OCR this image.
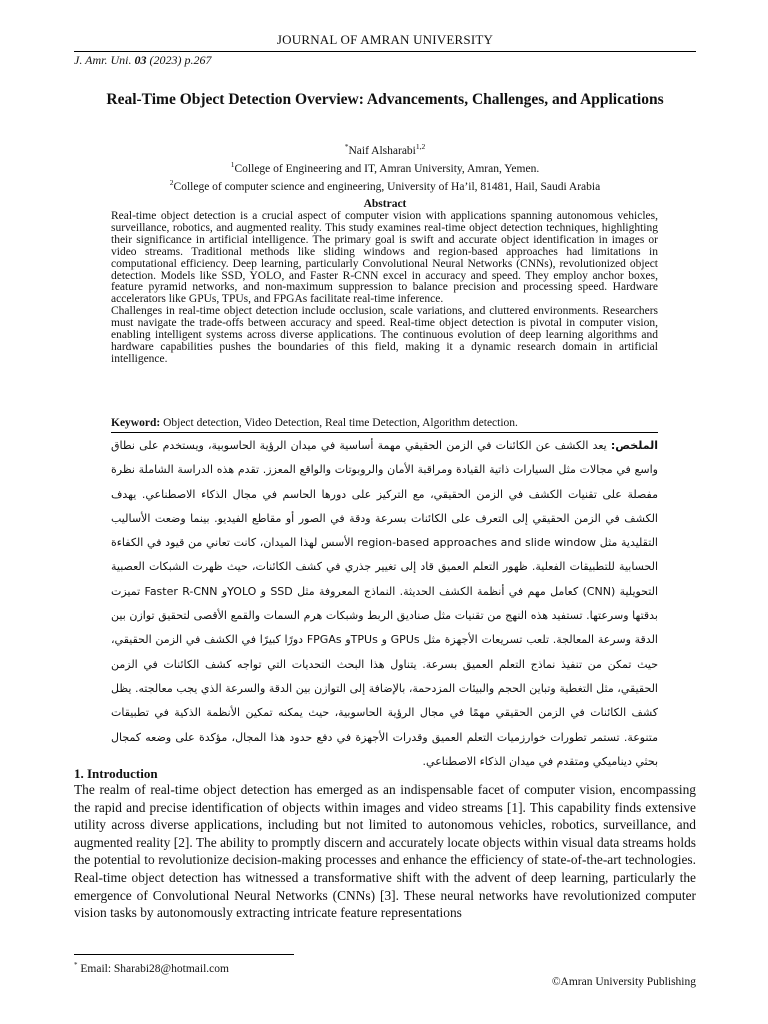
JOURNAL OF AMRAN UNIVERSITY
J. Amr. Uni. 03 (2023) p.267
Real-Time Object Detection Overview: Advancements, Challenges, and Applications
*Naif Alsharabi$^{1,2}$
$^1$College of Engineering and IT, Amran University, Amran, Yemen.
$^2$College of computer science and engineering, University of Ha’il, 81481, Hail, Saudi Arabia
Abstract

Real-time object detection is a crucial aspect of computer vision with applications spanning autonomous vehicles, surveillance, robotics, and augmented reality. This study examines real-time object detection techniques, highlighting their significance in artificial intelligence. The primary goal is swift and accurate object identification in images or video streams. Traditional methods like sliding windows and region-based approaches had limitations in computational efficiency. Deep learning, particularly Convolutional Neural Networks (CNNs), revolutionized object detection. Models like SSD, YOLO, and Faster R-CNN excel in accuracy and speed. They employ anchor boxes, feature pyramid networks, and non-maximum suppression to balance precision and processing speed. Hardware accelerators like GPUs, TPUs, and FPGAs facilitate real-time inference.

Challenges in real-time object detection include occlusion, scale variations, and cluttered environments. Researchers must navigate the trade-offs between accuracy and speed. Real-time object detection is pivotal in computer vision, enabling intelligent systems across diverse applications. The continuous evolution of deep learning algorithms and hardware capabilities pushes the boundaries of this field, making it a dynamic research domain in artificial intelligence.

Keyword: Object detection, Video Detection, Real time Detection, Algorithm detection.
الملخص: يعد الكشف عن الكائنات في الزمن الحقيقي مهمة أساسية في ميدان الرؤية الحاسوبية، ويستخدم على نطاق واسع في مجالات مثل السيارات ذاتية القيادة ومراقبة الأمان والروبوتات والواقع المعزز. تقدم هذه الدراسة الشاملة نظرة مفصلة على تقنيات الكشف في الزمن الحقيقي، مع التركيز على دورها الحاسم في مجال الذكاء الاصطناعي. يهدف الكشف في الزمن الحقيقي إلى التعرف على الكائنات بسرعة ودقة في الصور أو مقاطع الفيديو. بينما وضعت الأساليب التقليدية مثل region-based approaches and slide window الأسس لهذا الميدان، كانت تعاني من قيود في الكفاءة الحسابية للتطبيقات الفعلية. ظهور التعلم العميق قاد إلى تغيير جذري في كشف الكائنات، حيث ظهرت الشبكات العصبية التحويلية (CNN) كعامل مهم في أنظمة الكشف الحديثة. النماذج المعروفة مثل SSD و YOLOو Faster R-CNN تميزت بدقتها وسرعتها. تستفيد هذه النهج من تقنيات مثل صناديق الربط وشبكات هرم السمات والقمع الأقصى لتحقيق توازن بين الدقة وسرعة المعالجة. تلعب تسريعات الأجهزة مثل GPUs و TPUsو FPGAs دورًا كبيرًا في الكشف في الزمن الحقيقي، حيث تمكن من تنفيذ نماذج التعلم العميق بسرعة. يتناول هذا البحث التحديات التي تواجه كشف الكائنات في الزمن الحقيقي، مثل التغطية وتباين الحجم والبيئات المزدحمة، بالإضافة إلى التوازن بين الدقة والسرعة الذي يجب معالجته. يظل كشف الكائنات في الزمن الحقيقي مهمًا في مجال الرؤية الحاسوبية، حيث يمكنه تمكين الأنظمة الذكية في تطبيقات متنوعة. تستمر تطورات خوارزميات التعلم العميق وقدرات الأجهزة في دفع حدود هذا المجال، مؤكدة على وضعه كمجال بحثي ديناميكي ومتقدم في ميدان الذكاء الاصطناعي.
1. Introduction
The realm of real-time object detection has emerged as an indispensable facet of computer vision, encompassing the rapid and precise identification of objects within images and video streams [1]. This capability finds extensive utility across diverse applications, including but not limited to autonomous vehicles, robotics, surveillance, and augmented reality [2]. The ability to promptly discern and accurately locate objects within visual data streams holds the potential to revolutionize decision-making processes and enhance the efficiency of state-of-the-art technologies. Real-time object detection has witnessed a transformative shift with the advent of deep learning, particularly the emergence of Convolutional Neural Networks (CNNs) [3]. These neural networks have revolutionized computer vision tasks by autonomously extracting intricate feature representations
* Email: Sharabi28@hotmail.com
©Amran University Publishing
